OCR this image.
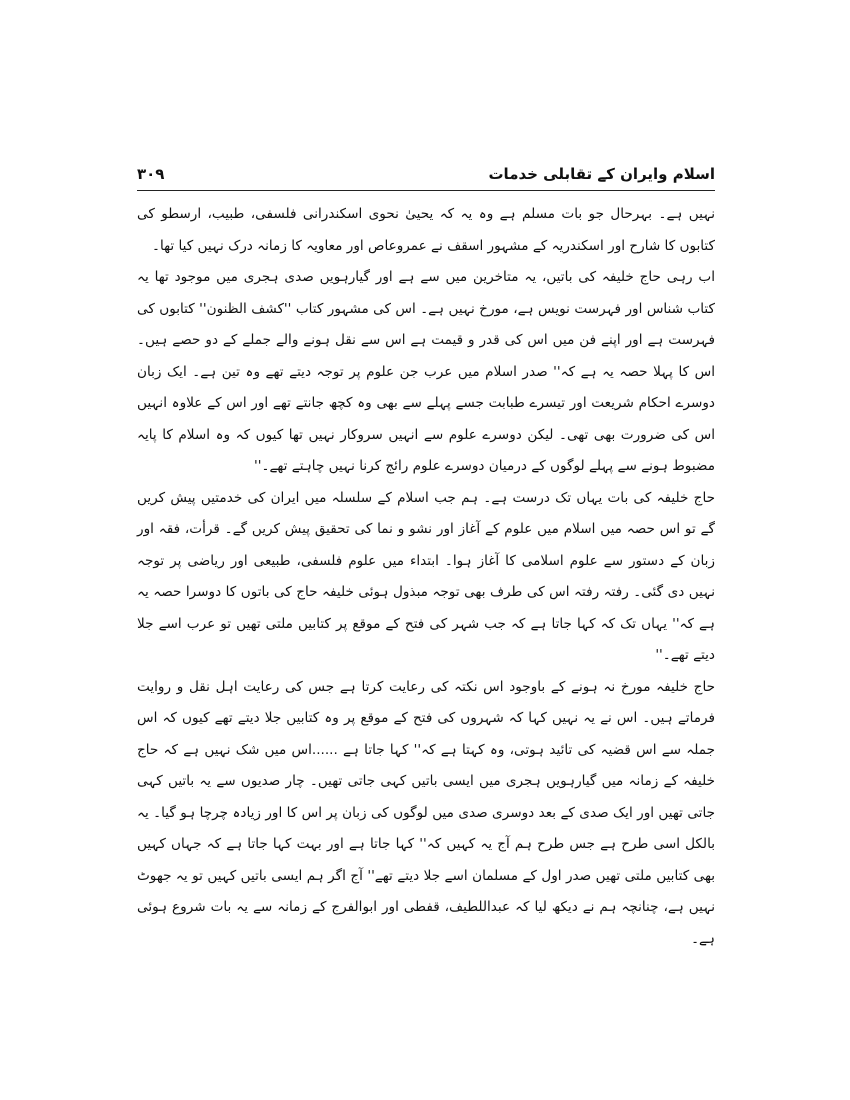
اسلام وایران کے تقابلی خدمات
۳۰۹

نہیں ہے۔ بہرحال جو بات مسلم ہے وہ یہ کہ یحییٰ نحوی اسکندرانی فلسفی، طبیب، ارسطو کی کتابوں کا شارح اور اسکندریہ کے مشہور اسقف نے عمروعاص اور معاویہ کا زمانہ درک نہیں کیا تھا۔

اب رہی حاج خلیفہ کی باتیں، یہ متاخرین میں سے ہے اور گیارہویں صدی ہجری میں موجود تھا یہ کتاب شناس اور فہرست نویس ہے، مورخ نہیں ہے۔ اس کی مشہور کتاب ''کشف الظنون'' کتابوں کی فہرست ہے اور اپنے فن میں اس کی قدر و قیمت ہے اس سے نقل ہونے والے جملے کے دو حصے ہیں۔ اس کا پہلا حصہ یہ ہے کہ'' صدر اسلام میں عرب جن علوم پر توجہ دیتے تھے وہ تین ہے۔ ایک زبان دوسرے احکام شریعت اور تیسرے طبابت جسے پہلے سے بھی وہ کچھ جانتے تھے اور اس کے علاوہ انہیں اس کی ضرورت بھی تھی۔ لیکن دوسرے علوم سے انہیں سروکار نہیں تھا کیوں کہ وہ اسلام کا پایہ مضبوط ہونے سے پہلے لوگوں کے درمیان دوسرے علوم رائج کرنا نہیں چاہتے تھے۔''

حاج خلیفہ کی بات یہاں تک درست ہے۔ ہم جب اسلام کے سلسلہ میں ایران کی خدمتیں پیش کریں گے تو اس حصہ میں اسلام میں علوم کے آغاز اور نشو و نما کی تحقیق پیش کریں گے۔ قرأت، فقہ اور زبان کے دستور سے علوم اسلامی کا آغاز ہوا۔ ابتداء میں علوم فلسفی، طبیعی اور ریاضی پر توجہ نہیں دی گئی۔ رفتہ رفتہ اس کی طرف بھی توجہ مبذول ہوئی خلیفہ حاج کی باتوں کا دوسرا حصہ یہ ہے کہ'' یہاں تک کہ کہا جاتا ہے کہ جب شہر کی فتح کے موقع پر کتابیں ملتی تھیں تو عرب اسے جلا دیتے تھے۔''

حاج خلیفہ مورخ نہ ہونے کے باوجود اس نکتہ کی رعایت کرتا ہے جس کی رعایت اہل نقل و روایت فرماتے ہیں۔ اس نے یہ نہیں کہا کہ شہروں کی فتح کے موقع پر وہ کتابیں جلا دیتے تھے کیوں کہ اس جملہ سے اس قضیہ کی تائید ہوتی، وہ کہتا ہے کہ'' کہا جاتا ہے ......اس میں شک نہیں ہے کہ حاج خلیفہ کے زمانہ میں گیارہویں ہجری میں ایسی باتیں کہی جاتی تھیں۔ چار صدیوں سے یہ باتیں کہی جاتی تھیں اور ایک صدی کے بعد دوسری صدی میں لوگوں کی زبان پر اس کا اور زیادہ چرچا ہو گیا۔ یہ بالکل اسی طرح ہے جس طرح ہم آج یہ کہیں کہ'' کہا جاتا ہے اور بہت کہا جاتا ہے کہ جہاں کہیں بھی کتابیں ملتی تھیں صدر اول کے مسلمان اسے جلا دیتے تھے'' آج اگر ہم ایسی باتیں کہیں تو یہ جھوٹ نہیں ہے، چنانچہ ہم نے دیکھ لیا کہ عبداللطیف، قفطی اور ابوالفرج کے زمانہ سے یہ بات شروع ہوئی ہے۔
